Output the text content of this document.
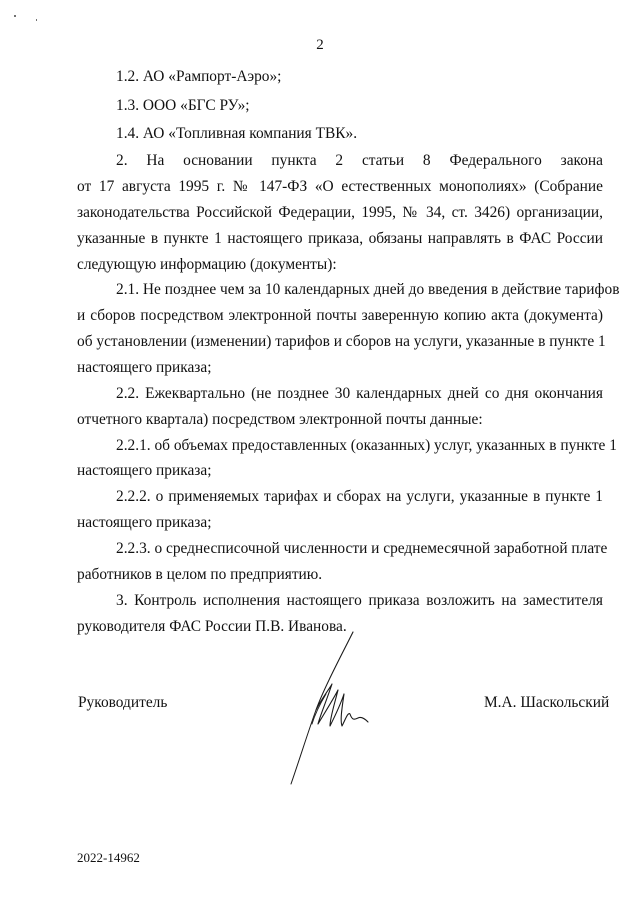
2
1.2. АО «Рампорт-Аэро»;
1.3. ООО «БГС РУ»;
1.4. АО «Топливная компания ТВК».
2. На основании пункта 2 статьи 8 Федерального закона
от 17 августа 1995 г. № 147-ФЗ «О естественных монополиях» (Собрание
законодательства Российской Федерации, 1995, № 34, ст. 3426) организации,
указанные в пункте 1 настоящего приказа, обязаны направлять в ФАС России
следующую информацию (документы):
2.1. Не позднее чем за 10 календарных дней до введения в действие тарифов
и сборов посредством электронной почты заверенную копию акта (документа)
об установлении (изменении) тарифов и сборов на услуги, указанные в пункте 1
настоящего приказа;
2.2. Ежеквартально (не позднее 30 календарных дней со дня окончания
отчетного квартала) посредством электронной почты данные:
2.2.1. об объемах предоставленных (оказанных) услуг, указанных в пункте 1
настоящего приказа;
2.2.2. о применяемых тарифах и сборах на услуги, указанные в пункте 1
настоящего приказа;
2.2.3. о среднесписочной численности и среднемесячной заработной плате
работников в целом по предприятию.
3. Контроль исполнения настоящего приказа возложить на заместителя
руководителя ФАС России П.В. Иванова.
Руководитель	М.А. Шаскольский
2022-14962
